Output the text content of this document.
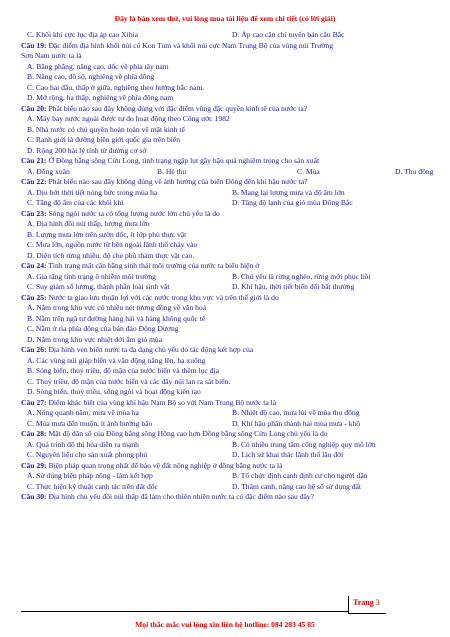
Đây là bản xem thử, vui lòng mua tài liệu để xem chi tiết (có lời giải)
C. Khối khí cực lục địa áp cao Xibia	D. Áp cao cận chí tuyến bán cầu Bắc
Câu 19: Đặc điểm địa hình khối núi cổ Kon Tum và khối núi cực Nam Trung Bộ của vùng núi Trường
Sơn Nam nước ta là
A. Bằng phẳng, nâng cao, dốc về phía tây nam
B. Nâng cao, đồ sộ, nghiêng về phía đông
C. Cao hai đầu, thấp ở giữa, nghiêng theo hướng bắc nam.
D. Mở rộng, hạ thấp, nghiêng về phía đông nam
Câu 20: Phát biểu nào sau đây không đúng với đặc điểm vùng đặc quyền kinh tế của nước ta?
A. Máy bay nước ngoài được tự do hoạt động theo Công ước 1982
B. Nhà nước có chủ quyền hoàn toàn về mặt kinh tế
C. Ranh giới là đường biên giới quốc gia trên biển
D. Rộng 200 hải lý tính từ đường cơ sở
Câu 21: Ở Đồng bằng sông Cửu Long, tình trạng ngập lụt gây hậu quả nghiêm trọng cho sản xuất
A. Đông xuân	B. Hè thu	C. Mùa	D. Thu đông
Câu 22: Phát biểu nào sau đây không đúng về ảnh hưởng của biển Đông đến khí hậu nước ta?
A. Dịu bớt thời tiết nóng bức trong mùa hạ	B. Mang lại lượng mưa và độ ẩm lớn
C. Tăng độ ẩm của các khối khí	D. Tăng độ lạnh của gió mùa Đông Bắc
Câu 23: Sông ngòi nước ta có tổng lượng nước lớn chủ yếu là do
A. Địa hình đồi núi thấp, lượng mưa lớn
B. Lượng mưa lớn trên sườn dốc, ít lớp phủ thực vật
C. Mưa lớn, nguồn nước từ bên ngoài lãnh thổ chảy vào
D. Diện tích rừng nhiều, độ che phủ thảm thực vật cao.
Câu 24: Tình trạng mất cân bằng sinh thái môi trường của nước ta biểu hiện ở
A. Gia tăng tình trạng ô nhiễm môi trường	B. Chủ yếu là rừng nghèo, rừng mới phục hồi
C. Suy giảm số lượng, thành phần loài sinh vật	D. Khí hậu, thời tiết biến đổi bất thường
Câu 25: Nước ta giao lưu thuận lợi với các nước trong khu vực và trên thế giới là do
A. Nằm trong khu vực có nhiều nét tương đồng về văn hoá
B. Nằm trên ngã tư đường hàng hải và hàng không quốc tế
C. Nằm ở rìa phía đông của bán đảo Đông Dương
D. Nằm trong khu vực nhiệt đới ẩm gió mùa
Câu 26: Địa hình ven biển nước ta đa dạng chủ yếu do tác động kết hợp của
A. Các vùng núi giáp biển và vận động nâng lên, hạ xuống
B. Sóng biển, thuỷ triều, độ mặn của nước biển và thềm lục địa
C. Thuỷ triều, độ mặn của nước biển và các dãy núi lan ra sát biển.
D. Sóng biển, thuỷ triều, sông ngòi và hoạt động kiến tạo
Câu 27: Điểm khác biệt của vùng khí hậu Nam Bộ so với Nam Trung Bộ nước ta là
A. Nóng quanh năm, mưa về mùa hạ	B. Nhiệt độ cao, mưa lùi về mùa thu đông
C. Mùa mưa đến muộn, ít ảnh hưởng bão	D. Khí hậu phân thành hai mùa mưa - khô
Câu 28: Mật độ dân số của Đồng bằng sông Hồng cao hơn Đồng bằng sông Cửu Long chủ yếu là do
A. Quá trình đô thị hóa diễn ra mạnh	B. Có nhiều trung tâm công nghiệp quy mô lớn
C. Nguyên liệu cho sản xuất phong phú	D. Lịch sử khai thác lãnh thổ lâu đời
Câu 29: Biện pháp quan trọng nhất để bảo vệ đất nông nghiệp ở đồng bằng nước ta là
A. Sử dụng biện pháp nông - lâm kết hợp	B. Tổ chức định canh định cư cho người dân
C. Thực hiện kỹ thuật canh tác trên đất dốc	D. Thâm canh, nâng cao hệ số sử dụng đất
Câu 30: Địa hình chủ yếu đồi núi thấp đã làm cho thiên nhiên nước ta có đặc điểm nào sau đây?
Trang 3
Mọi thắc mắc vui lòng xin liên hệ hotline: 084 283 45 85
